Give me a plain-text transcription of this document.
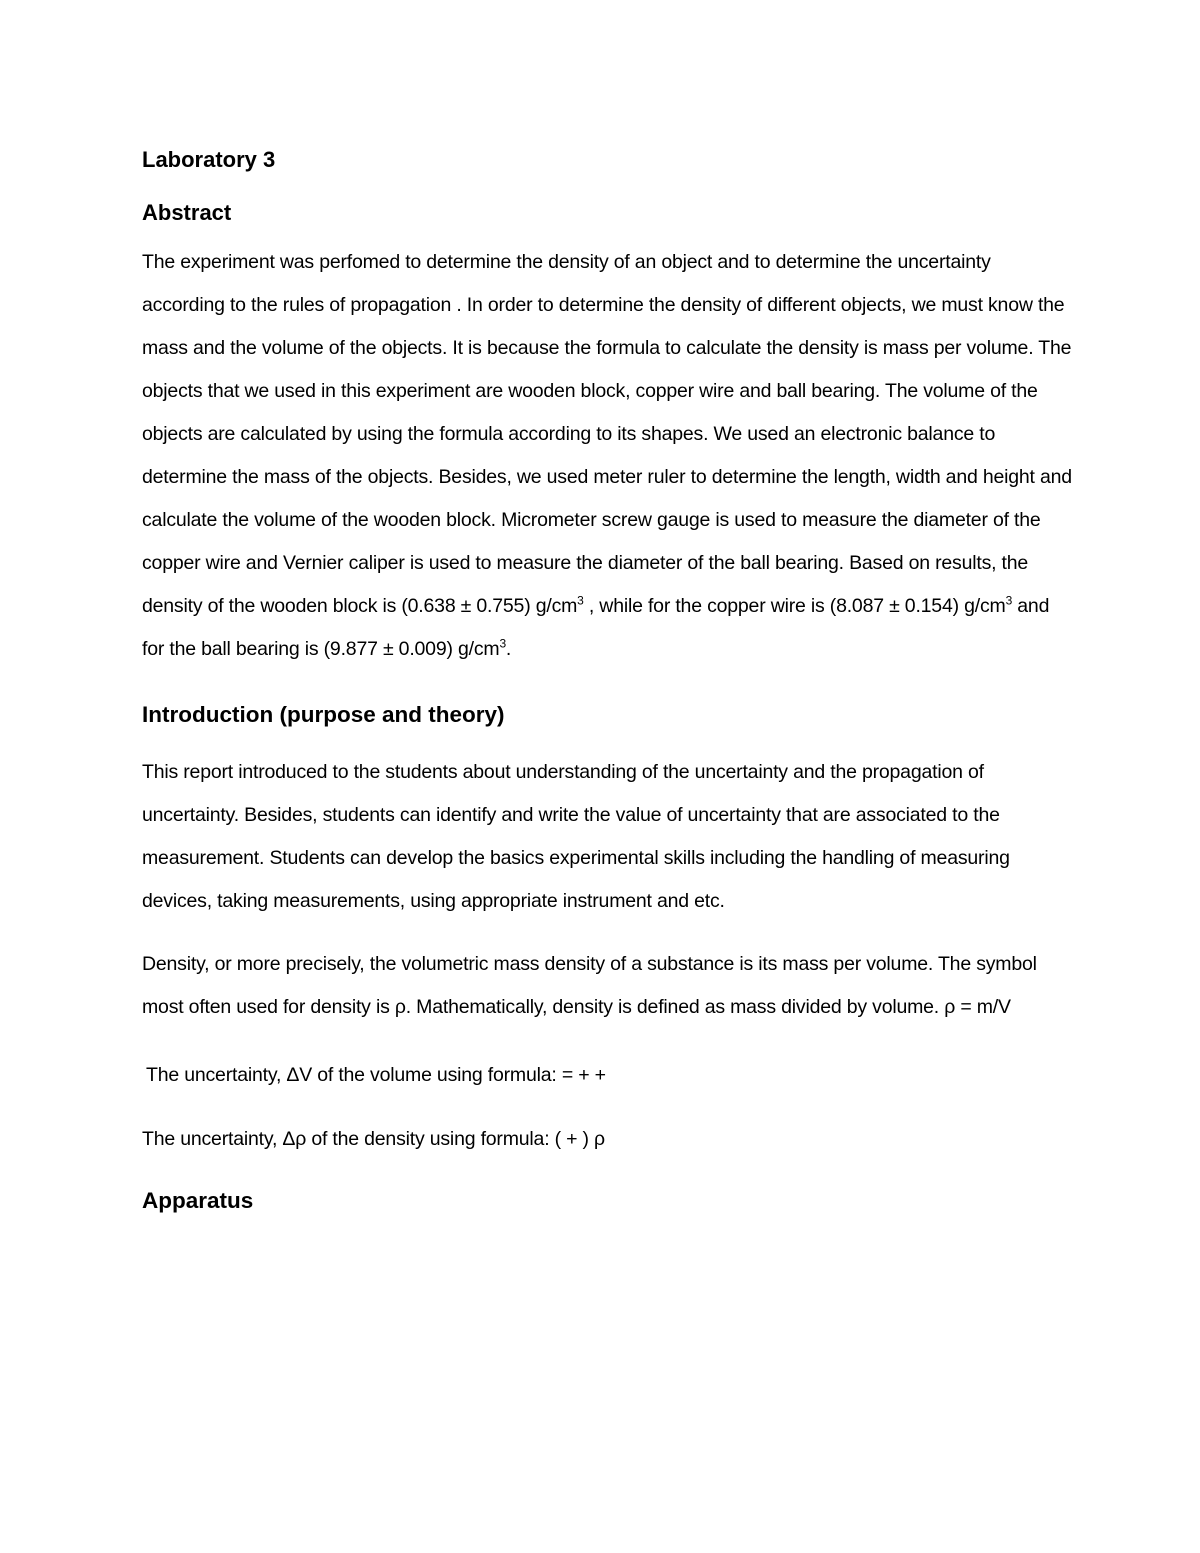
Laboratory 3
Abstract

The experiment was perfomed to determine the density of an object and to determine the uncertainty according to the rules of propagation . In order to determine the density of different objects, we must know the mass and the volume of the objects. It is because the formula to calculate the density is mass per volume. The objects that we used in this experiment are wooden block, copper wire and ball bearing. The volume of the objects are calculated by using the formula according to its shapes. We used an electronic balance to determine the mass of the objects. Besides, we used meter ruler to determine the length, width and height and calculate the volume of the wooden block. Micrometer screw gauge is used to measure the diameter of the copper wire and Vernier caliper is used to measure the diameter of the ball bearing. Based on results, the density of the wooden block is (0.638 ± 0.755) $g/cm^3$ , while for the copper wire is (8.087 ± 0.154) $g/cm^3$ and for the ball bearing is (9.877 ± 0.009) $g/cm^3$.

Introduction (purpose and theory)

This report introduced to the students about understanding of the uncertainty and the propagation of uncertainty. Besides, students can identify and write the value of uncertainty that are associated to the measurement. Students can develop the basics experimental skills including the handling of measuring devices, taking measurements, using appropriate instrument and etc.

Density, or more precisely, the volumetric mass density of a substance is its mass per volume. The symbol most often used for density is ρ. Mathematically, density is defined as mass divided by volume. ρ = m/V

The uncertainty, ΔV of the volume using formula: = + +

The uncertainty, Δρ of the density using formula: ( + ) ρ

Apparatus
